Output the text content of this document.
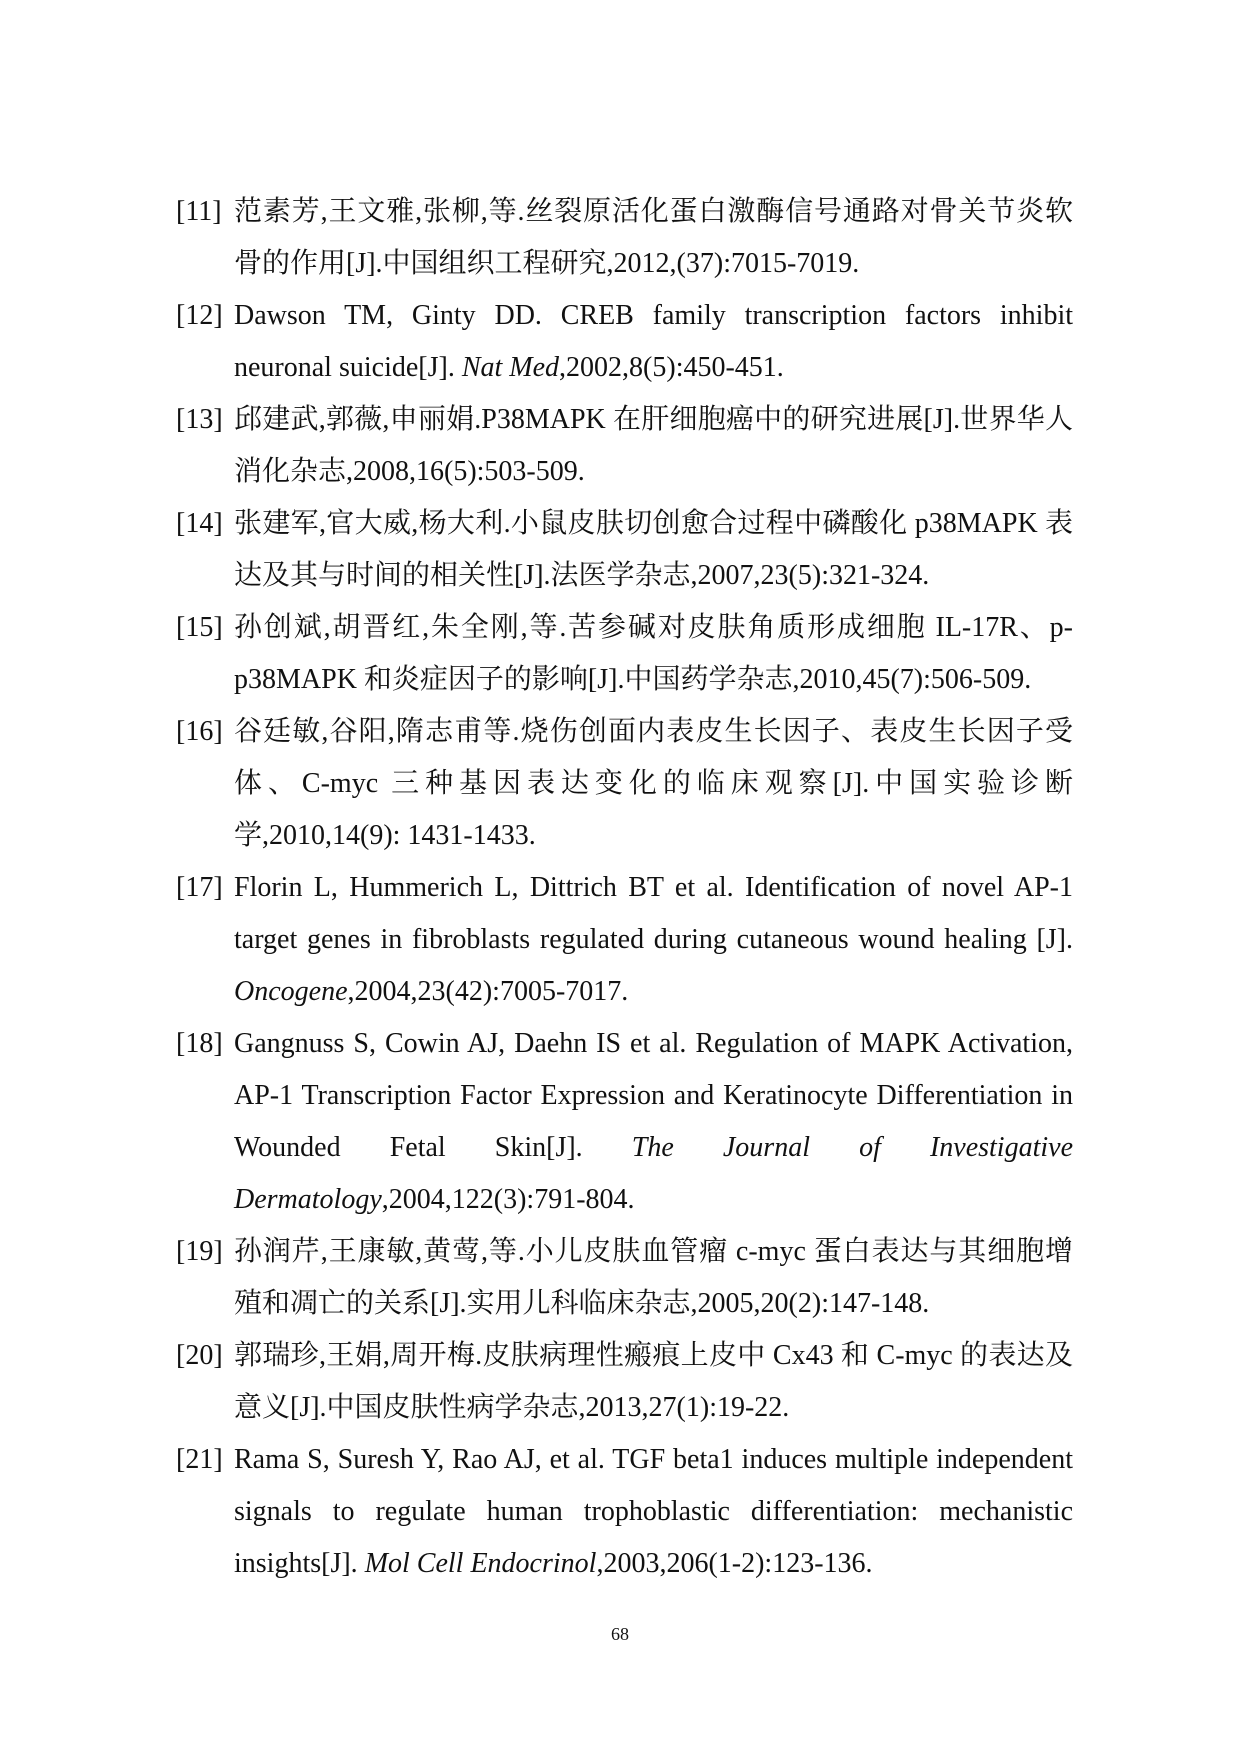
[11] 范素芳,王文雅,张柳,等.丝裂原活化蛋白激酶信号通路对骨关节炎软骨的作用[J].中国组织工程研究,2012,(37):7015-7019.
[12] Dawson TM, Ginty DD. CREB family transcription factors inhibit neuronal suicide[J]. Nat Med,2002,8(5):450-451.
[13] 邱建武,郭薇,申丽娟.P38MAPK 在肝细胞癌中的研究进展[J].世界华人消化杂志,2008,16(5):503-509.
[14] 张建军,官大威,杨大利.小鼠皮肤切创愈合过程中磷酸化 p38MAPK 表达及其与时间的相关性[J].法医学杂志,2007,23(5):321-324.
[15] 孙创斌,胡晋红,朱全刚,等.苦参碱对皮肤角质形成细胞 IL-17R、p-p38MAPK 和炎症因子的影响[J].中国药学杂志,2010,45(7):506-509.
[16] 谷廷敏,谷阳,隋志甫等.烧伤创面内表皮生长因子、表皮生长因子受体、C-myc 三种基因表达变化的临床观察[J].中国实验诊断学,2010,14(9): 1431-1433.
[17] Florin L, Hummerich L, Dittrich BT et al. Identification of novel AP-1 target genes in fibroblasts regulated during cutaneous wound healing [J]. Oncogene,2004,23(42):7005-7017.
[18] Gangnuss S, Cowin AJ, Daehn IS et al. Regulation of MAPK Activation, AP-1 Transcription Factor Expression and Keratinocyte Differentiation in Wounded Fetal Skin[J]. The Journal of Investigative Dermatology,2004,122(3):791-804.
[19] 孙润芹,王康敏,黄莺,等.小儿皮肤血管瘤 c-myc 蛋白表达与其细胞增殖和凋亡的关系[J].实用儿科临床杂志,2005,20(2):147-148.
[20] 郭瑞珍,王娟,周开梅.皮肤病理性瘢痕上皮中 Cx43 和 C-myc 的表达及意义[J].中国皮肤性病学杂志,2013,27(1):19-22.
[21] Rama S, Suresh Y, Rao AJ, et al. TGF beta1 induces multiple independent signals to regulate human trophoblastic differentiation: mechanistic insights[J]. Mol Cell Endocrinol,2003,206(1-2):123-136.
68
